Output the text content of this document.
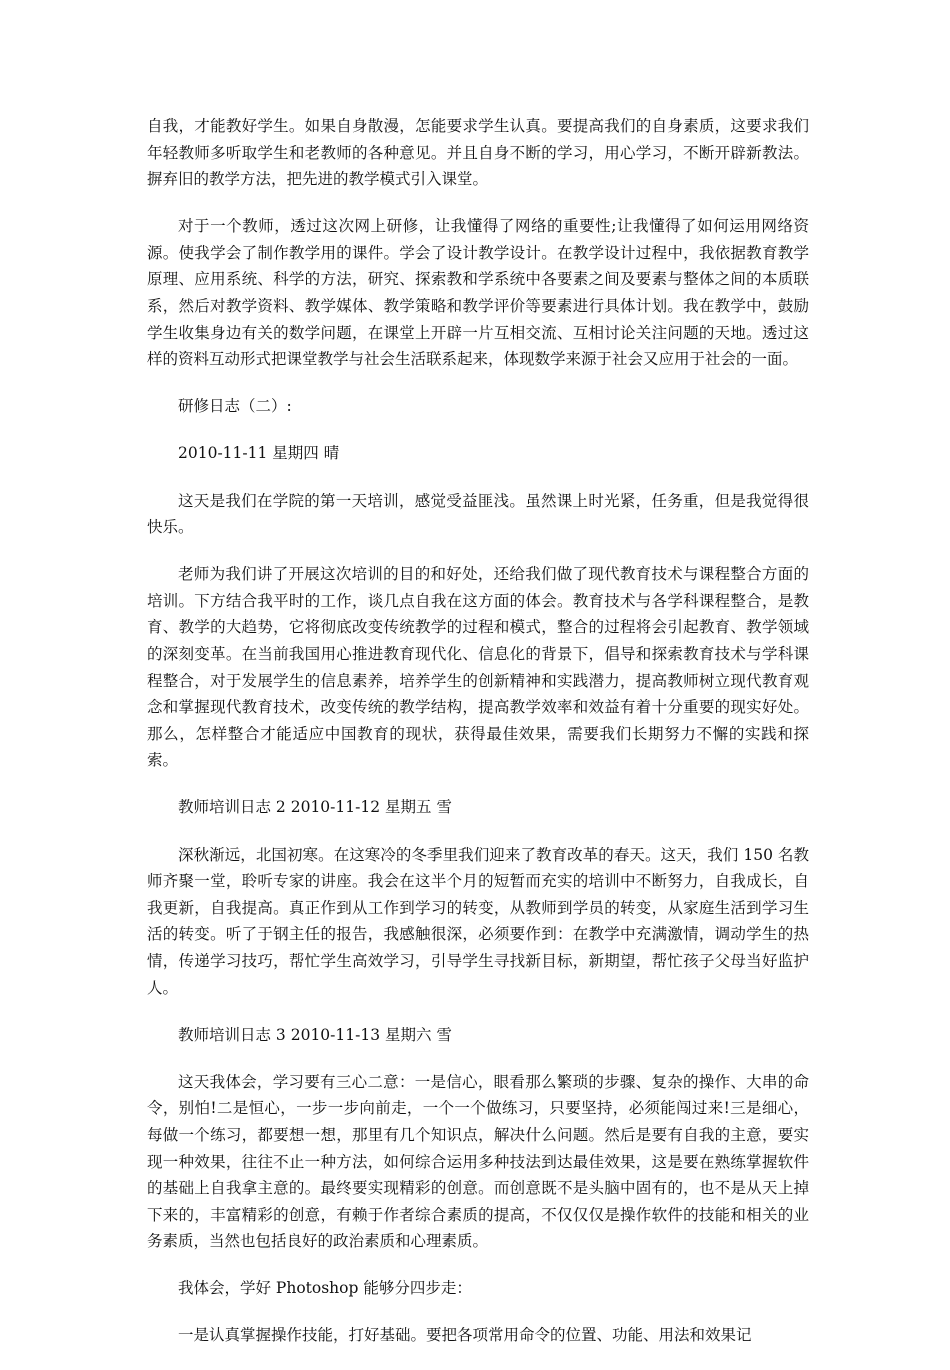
自我，才能教好学生。如果自身散漫，怎能要求学生认真。要提高我们的自身素质，这要求我们年轻教师多听取学生和老教师的各种意见。并且自身不断的学习，用心学习，不断开辟新教法。摒弃旧的教学方法，把先进的教学模式引入课堂。

对于一个教师，透过这次网上研修，让我懂得了网络的重要性;让我懂得了如何运用网络资源。使我学会了制作教学用的课件。学会了设计教学设计。在教学设计过程中，我依据教育教学原理、应用系统、科学的方法，研究、探索教和学系统中各要素之间及要素与整体之间的本质联系，然后对教学资料、教学媒体、教学策略和教学评价等要素进行具体计划。我在教学中，鼓励学生收集身边有关的数学问题，在课堂上开辟一片互相交流、互相讨论关注问题的天地。透过这样的资料互动形式把课堂教学与社会生活联系起来，体现数学来源于社会又应用于社会的一面。

研修日志（二）:

2010-11-11 星期四 晴

这天是我们在学院的第一天培训，感觉受益匪浅。虽然课上时光紧，任务重，但是我觉得很快乐。

老师为我们讲了开展这次培训的目的和好处，还给我们做了现代教育技术与课程整合方面的培训。下方结合我平时的工作，谈几点自我在这方面的体会。教育技术与各学科课程整合，是教育、教学的大趋势，它将彻底改变传统教学的过程和模式，整合的过程将会引起教育、教学领域的深刻变革。在当前我国用心推进教育现代化、信息化的背景下，倡导和探索教育技术与学科课程整合，对于发展学生的信息素养，培养学生的创新精神和实践潜力，提高教师树立现代教育观念和掌握现代教育技术，改变传统的教学结构，提高教学效率和效益有着十分重要的现实好处。那么，怎样整合才能适应中国教育的现状，获得最佳效果，需要我们长期努力不懈的实践和探索。

教师培训日志 2 2010-11-12 星期五 雪

深秋渐远，北国初寒。在这寒冷的冬季里我们迎来了教育改革的春天。这天，我们 150 名教师齐聚一堂，聆听专家的讲座。我会在这半个月的短暂而充实的培训中不断努力，自我成长，自我更新，自我提高。真正作到从工作到学习的转变，从教师到学员的转变，从家庭生活到学习生活的转变。听了于钢主任的报告，我感触很深，必须要作到：在教学中充满激情，调动学生的热情，传递学习技巧，帮忙学生高效学习，引导学生寻找新目标，新期望，帮忙孩子父母当好监护人。

教师培训日志 3 2010-11-13 星期六 雪

这天我体会，学习要有三心二意：一是信心，眼看那么繁琐的步骤、复杂的操作、大串的命令，别怕!二是恒心，一步一步向前走，一个一个做练习，只要坚持，必须能闯过来!三是细心，每做一个练习，都要想一想，那里有几个知识点，解决什么问题。然后是要有自我的主意，要实现一种效果，往往不止一种方法，如何综合运用多种技法到达最佳效果，这是要在熟练掌握软件的基础上自我拿主意的。最终要实现精彩的创意。而创意既不是头脑中固有的，也不是从天上掉下来的，丰富精彩的创意，有赖于作者综合素质的提高，不仅仅仅是操作软件的技能和相关的业务素质，当然也包括良好的政治素质和心理素质。

我体会，学好 Photoshop 能够分四步走：

一是认真掌握操作技能，打好基础。要把各项常用命令的位置、功能、用法和效果记
